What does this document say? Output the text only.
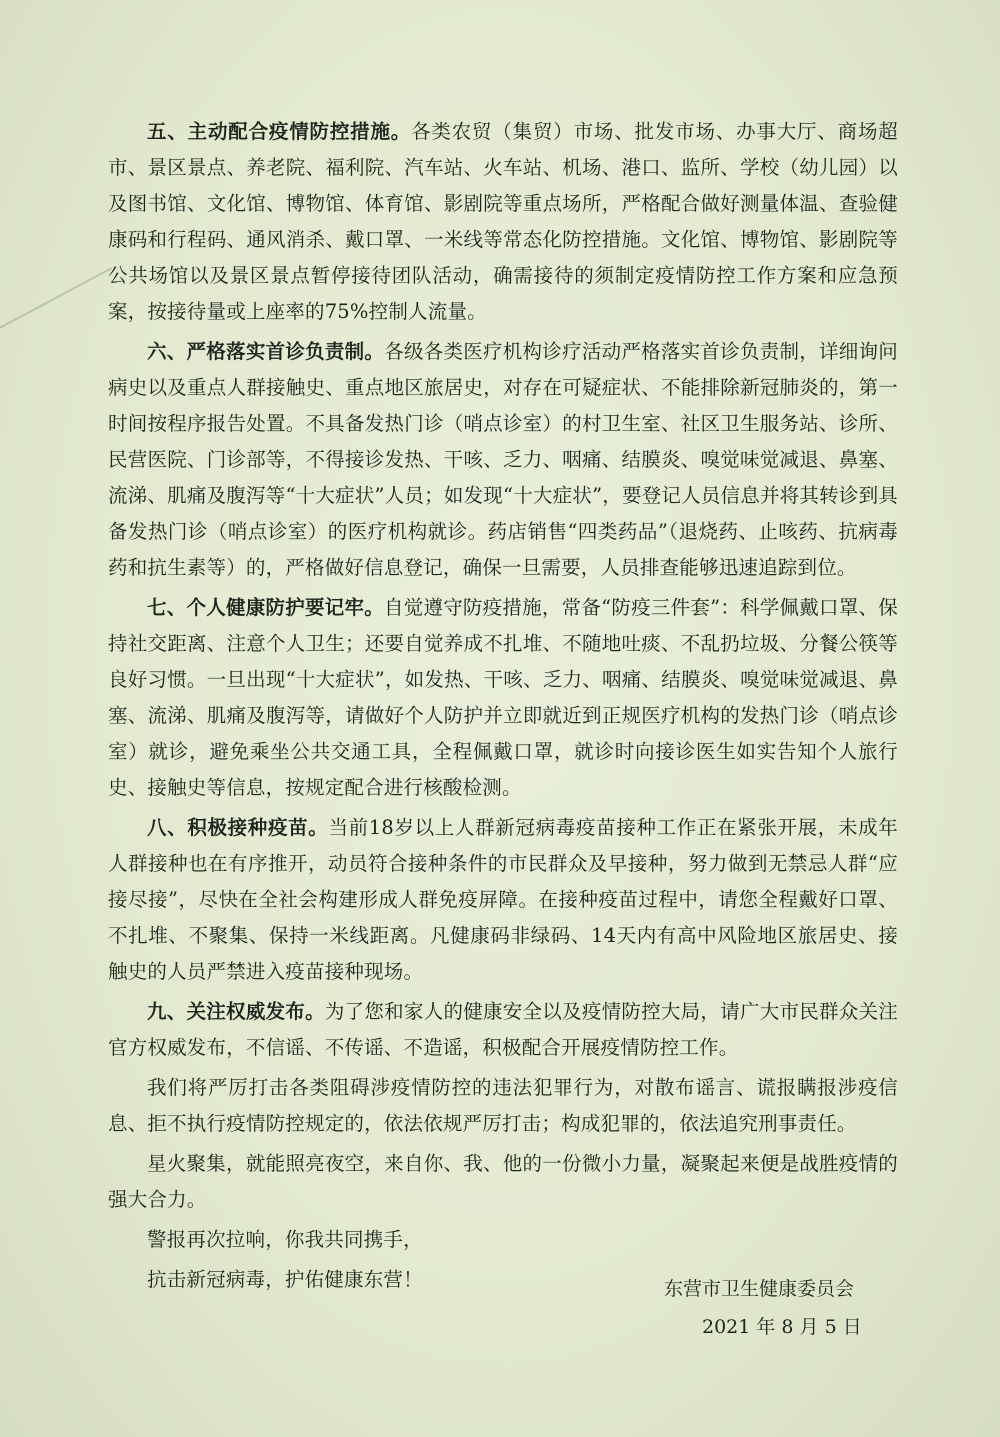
五、主动配合疫情防控措施。各类农贸（集贸）市场、批发市场、办事大厅、商场超市、景区景点、养老院、福利院、汽车站、火车站、机场、港口、监所、学校（幼儿园）以及图书馆、文化馆、博物馆、体育馆、影剧院等重点场所，严格配合做好测量体温、查验健康码和行程码、通风消杀、戴口罩、一米线等常态化防控措施。文化馆、博物馆、影剧院等公共场馆以及景区景点暂停接待团队活动，确需接待的须制定疫情防控工作方案和应急预案，按接待量或上座率的75%控制人流量。

六、严格落实首诊负责制。各级各类医疗机构诊疗活动严格落实首诊负责制，详细询问病史以及重点人群接触史、重点地区旅居史，对存在可疑症状、不能排除新冠肺炎的，第一时间按程序报告处置。不具备发热门诊（哨点诊室）的村卫生室、社区卫生服务站、诊所、民营医院、门诊部等，不得接诊发热、干咳、乏力、咽痛、结膜炎、嗅觉味觉减退、鼻塞、流涕、肌痛及腹泻等“十大症状”人员；如发现“十大症状”，要登记人员信息并将其转诊到具备发热门诊（哨点诊室）的医疗机构就诊。药店销售“四类药品”（退烧药、止咳药、抗病毒药和抗生素等）的，严格做好信息登记，确保一旦需要，人员排查能够迅速追踪到位。

七、个人健康防护要记牢。自觉遵守防疫措施，常备“防疫三件套”：科学佩戴口罩、保持社交距离、注意个人卫生；还要自觉养成不扎堆、不随地吐痰、不乱扔垃圾、分餐公筷等良好习惯。一旦出现“十大症状”，如发热、干咳、乏力、咽痛、结膜炎、嗅觉味觉减退、鼻塞、流涕、肌痛及腹泻等，请做好个人防护并立即就近到正规医疗机构的发热门诊（哨点诊室）就诊，避免乘坐公共交通工具，全程佩戴口罩，就诊时向接诊医生如实告知个人旅行史、接触史等信息，按规定配合进行核酸检测。

八、积极接种疫苗。当前18岁以上人群新冠病毒疫苗接种工作正在紧张开展，未成年人群接种也在有序推开，动员符合接种条件的市民群众及早接种，努力做到无禁忌人群“应接尽接”，尽快在全社会构建形成人群免疫屏障。在接种疫苗过程中，请您全程戴好口罩、不扎堆、不聚集、保持一米线距离。凡健康码非绿码、14天内有高中风险地区旅居史、接触史的人员严禁进入疫苗接种现场。

九、关注权威发布。为了您和家人的健康安全以及疫情防控大局，请广大市民群众关注官方权威发布，不信谣、不传谣、不造谣，积极配合开展疫情防控工作。

我们将严厉打击各类阻碍涉疫情防控的违法犯罪行为，对散布谣言、谎报瞒报涉疫信息、拒不执行疫情防控规定的，依法依规严厉打击；构成犯罪的，依法追究刑事责任。

星火聚集，就能照亮夜空，来自你、我、他的一份微小力量，凝聚起来便是战胜疫情的强大合力。

警报再次拉响，你我共同携手，

抗击新冠病毒，护佑健康东营！	东营市卫生健康委员会
2021 年 8 月 5 日
